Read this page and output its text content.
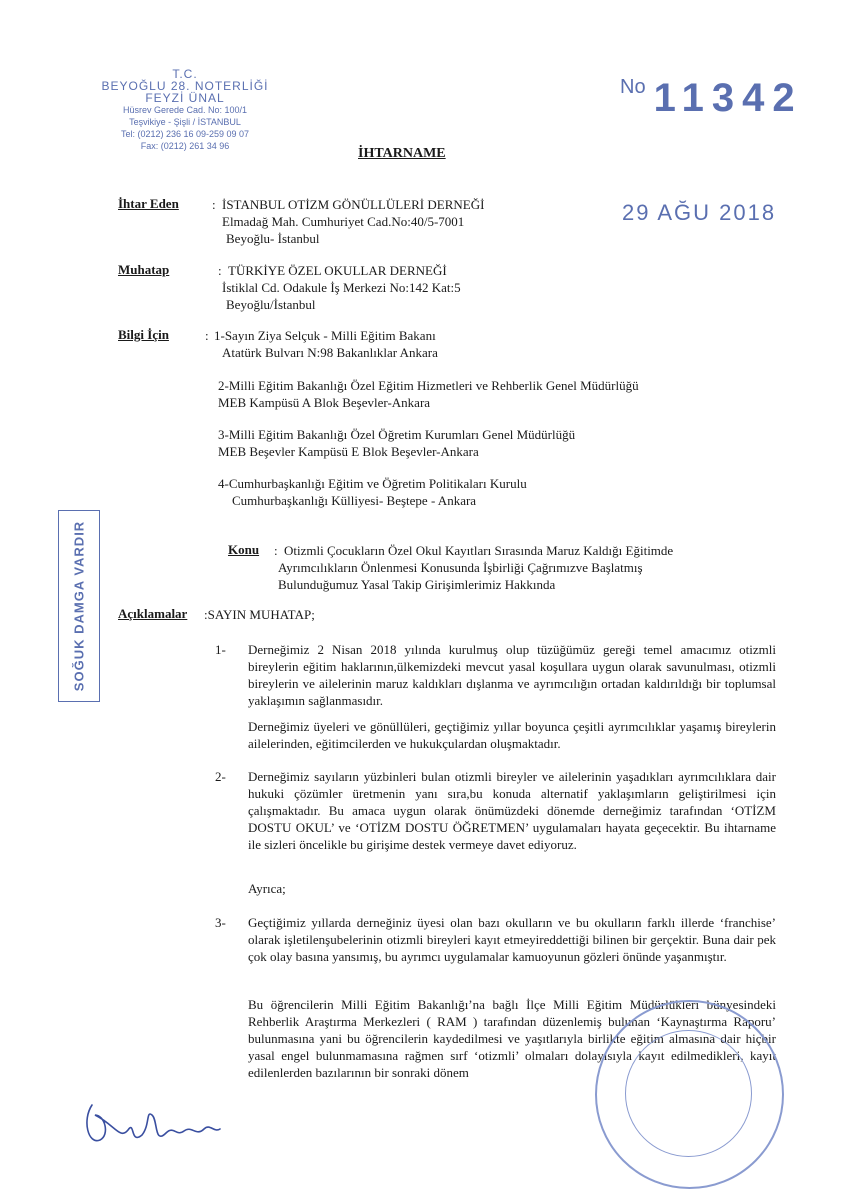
T.C.
BEYOĞLU 28. NOTERLİĞİ
FEYZİ ÜNAL
Hüsrev Gerede Cad. No: 100/1
Teşvikiye - Şişli / İSTANBUL
Tel: (0212) 236 16 09-259 09 07
Fax: (0212) 261 34 96
No 11342
29 AĞU 2018
İHTARNAME
İhtar Eden	: İSTANBUL OTİZM GÖNÜLLÜLERİ DERNEĞİ
Elmadağ Mah. Cumhuriyet Cad.No:40/5-7001
Beyoğlu- İstanbul
Muhatap	: TÜRKİYE ÖZEL OKULLAR DERNEĞİ
İstiklal Cd. Odakule İş Merkezi No:142 Kat:5
Beyoğlu/İstanbul
Bilgi İçin	: 1-Sayın Ziya Selçuk - Milli Eğitim Bakanı
Atatürk Bulvarı N:98 Bakanlıklar Ankara
2-Milli Eğitim Bakanlığı Özel Eğitim Hizmetleri ve Rehberlik Genel Müdürlüğü
MEB Kampüsü A Blok Beşevler-Ankara
3-Milli Eğitim Bakanlığı Özel Öğretim Kurumları Genel Müdürlüğü
MEB Beşevler Kampüsü E Blok Beşevler-Ankara
4-Cumhurbaşkanlığı Eğitim ve Öğretim Politikaları Kurulu
Cumhurbaşkanlığı Külliyesi- Beştepe - Ankara
SOĞUK DAMGA VARDIR	Konu : Otizmli Çocukların Özel Okul Kayıtları Sırasında Maruz Kaldığı Eğitimde
Ayrımcılıkların Önlenmesi Konusunda İşbirliği Çağrımızve Başlatmış
Bulunduğumuz Yasal Takip Girişimlerimiz Hakkında
Açıklamalar :SAYIN MUHATAP;
1- Derneğimiz 2 Nisan 2018 yılında kurulmuş olup tüzüğümüz gereği temel amacımız otizmli bireylerin eğitim haklarının,ülkemizdeki mevcut yasal koşullara uygun olarak savunulması, otizmli bireylerin ve ailelerinin maruz kaldıkları dışlanma ve ayrımcılığın ortadan kaldırıldığı bir toplumsal yaklaşımın sağlanmasıdır.
Derneğimiz üyeleri ve gönüllüleri, geçtiğimiz yıllar boyunca çeşitli ayrımcılıklar yaşamış bireylerin ailelerinden, eğitimcilerden ve hukukçulardan oluşmaktadır.
2- Derneğimiz sayıların yüzbinleri bulan otizmli bireyler ve ailelerinin yaşadıkları ayrımcılıklara dair hukuki çözümler üretmenin yanı sıra,bu konuda alternatif yaklaşımların geliştirilmesi için çalışmaktadır. Bu amaca uygun olarak önümüzdeki dönemde derneğimiz tarafından ‘OTİZM DOSTU OKUL’ ve ‘OTİZM DOSTU ÖĞRETMEN’ uygulamaları hayata geçecektir. Bu ihtarname ile sizleri öncelikle bu girişime destek vermeye davet ediyoruz.
Ayrıca;
3- Geçtiğimiz yıllarda derneğiniz üyesi olan bazı okulların ve bu okulların farklı illerde ‘franchise’ olarak işletilenşubelerinin otizmli bireyleri kayıt etmeyireddettiği bilinen bir gerçektir. Buna dair pek çok olay basına yansımış, bu ayrımcı uygulamalar kamuoyunun gözleri önünde yaşanmıştır.
Bu öğrencilerin Milli Eğitim Bakanlığı’na bağlı İlçe Milli Eğitim Müdürlükleri bünyesindeki Rehberlik Araştırma Merkezleri ( RAM ) tarafından düzenlemiş bulunan ‘Kaynaştırma Raporu’ bulunmasına yani bu öğrencilerin kaydedilmesi ve yaşıtlarıyla birlikte eğitim almasına dair hiçbir yasal engel bulunmamasına rağmen sırf ‘otizmli’ olmaları dolayısıyla kayıt edilmedikleri, kayıt edilenlerden bazılarının bir sonraki dönem
